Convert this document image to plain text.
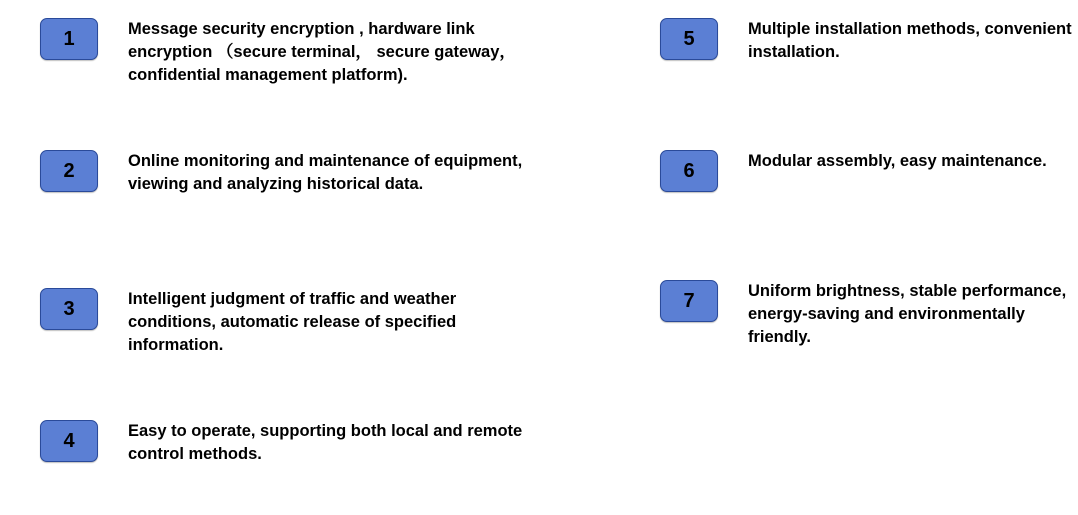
1	Message security encryption , hardware link encryption （secure terminal， secure gateway， confidential management platform).
2	Online monitoring and maintenance of equipment, viewing and analyzing historical data.
3	Intelligent judgment of traffic and weather conditions, automatic release of specified information.
4	Easy to operate, supporting both local and remote control methods.
5	Multiple installation methods, convenient installation.
6	Modular assembly, easy maintenance.
7	Uniform brightness, stable performance, energy-saving and environmentally friendly.
